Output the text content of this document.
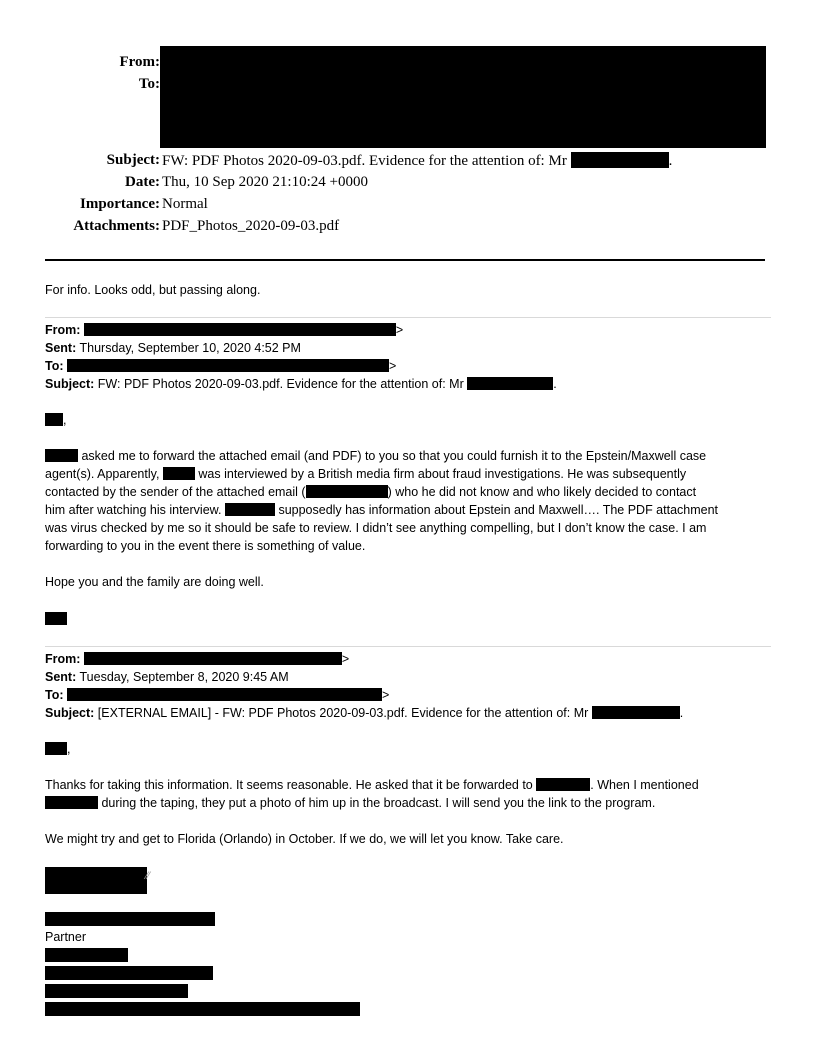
From:
To:
Subject: FW: PDF Photos 2020-09-03.pdf. Evidence for the attention of: Mr	.
Date: Thu, 10 Sep 2020 21:10:24 +0000
Importance: Normal
Attachments: PDF_Photos_2020-09-03.pdf
For info. Looks odd, but passing along.
From:	>
Sent: Thursday, September 10, 2020 4:52 PM
To:	>
Subject: FW: PDF Photos 2020-09-03.pdf. Evidence for the attention of: Mr	.
,
asked me to forward the attached email (and PDF) to you so that you could furnish it to the Epstein/Maxwell case
agent(s). Apparently,	was interviewed by a British media firm about fraud investigations. He was subsequently
contacted by the sender of the attached email (	) who he did not know and who likely decided to contact
him after watching his interview.	supposedly has information about Epstein and Maxwell…. The PDF attachment
was virus checked by me so it should be safe to review. I didn’t see anything compelling, but I don’t know the case. I am
forwarding to you in the event there is something of value.
Hope you and the family are doing well.
From:	>
Sent: Tuesday, September 8, 2020 9:45 AM
To:	>
Subject: [EXTERNAL EMAIL] - FW: PDF Photos 2020-09-03.pdf. Evidence for the attention of: Mr	.
,
Thanks for taking this information. It seems reasonable. He asked that it be forwarded to	. When I mentioned
during the taping, they put a photo of him up in the broadcast. I will send you the link to the program.
We might try and get to Florida (Orlando) in October. If we do, we will let you know. Take care.
⁄⁄
Partner
